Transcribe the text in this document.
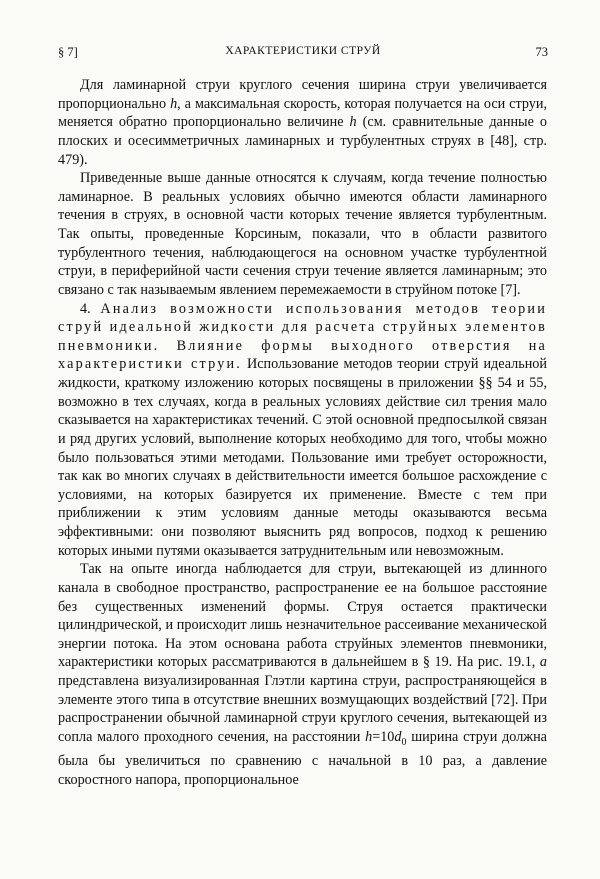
§ 7]	ХАРАКТЕРИСТИКИ СТРУЙ	73

Для ламинарной струи круглого сечения ширина струи увеличивается пропорционально h, а максимальная скорость, которая получается на оси струи, меняется обратно пропорционально величине h (см. сравнительные данные о плоских и осесимметричных ламинарных и турбулентных струях в [48], стр. 479).

Приведенные выше данные относятся к случаям, когда течение полностью ламинарное. В реальных условиях обычно имеются области ламинарного течения в струях, в основной части которых течение является турбулентным. Так опыты, проведенные Корсиным, показали, что в области развитого турбулентного течения, наблюдающегося на основном участке турбулентной струи, в периферийной части сечения струи течение является ламинарным; это связано с так называемым явлением перемежаемости в струйном потоке [7].

4. Анализ возможности использования методов теории струй идеальной жидкости для расчета струйных элементов пневмоники. Влияние формы выходного отверстия на характеристики струи. Использование методов теории струй идеальной жидкости, краткому изложению которых посвящены в приложении §§ 54 и 55, возможно в тех случаях, когда в реальных условиях действие сил трения мало сказывается на характеристиках течений. С этой основной предпосылкой связан и ряд других условий, выполнение которых необходимо для того, чтобы можно было пользоваться этими методами. Пользование ими требует осторожности, так как во многих случаях в действительности имеется большое расхождение с условиями, на которых базируется их применение. Вместе с тем при приближении к этим условиям данные методы оказываются весьма эффективными: они позволяют выяснить ряд вопросов, подход к решению которых иными путями оказывается затруднительным или невозможным.

Так на опыте иногда наблюдается для струи, вытекающей из длинного канала в свободное пространство, распространение ее на большое расстояние без существенных изменений формы. Струя остается практически цилиндрической, и происходит лишь незначительное рассеивание механической энергии потока. На этом основана работа струйных элементов пневмоники, характеристики которых рассматриваются в дальнейшем в § 19. На рис. 19.1, а представлена визуализированная Глэтли картина струи, распространяющейся в элементе этого типа в отсутствие внешних возмущающих воздействий [72]. При распространении обычной ламинарной струи круглого сечения, вытекающей из сопла малого проходного сечения, на расстоянии $h=10d_0$ ширина струи должна была бы увеличиться по сравнению с начальной в 10 раз, а давление скоростного напора, пропорциональное
